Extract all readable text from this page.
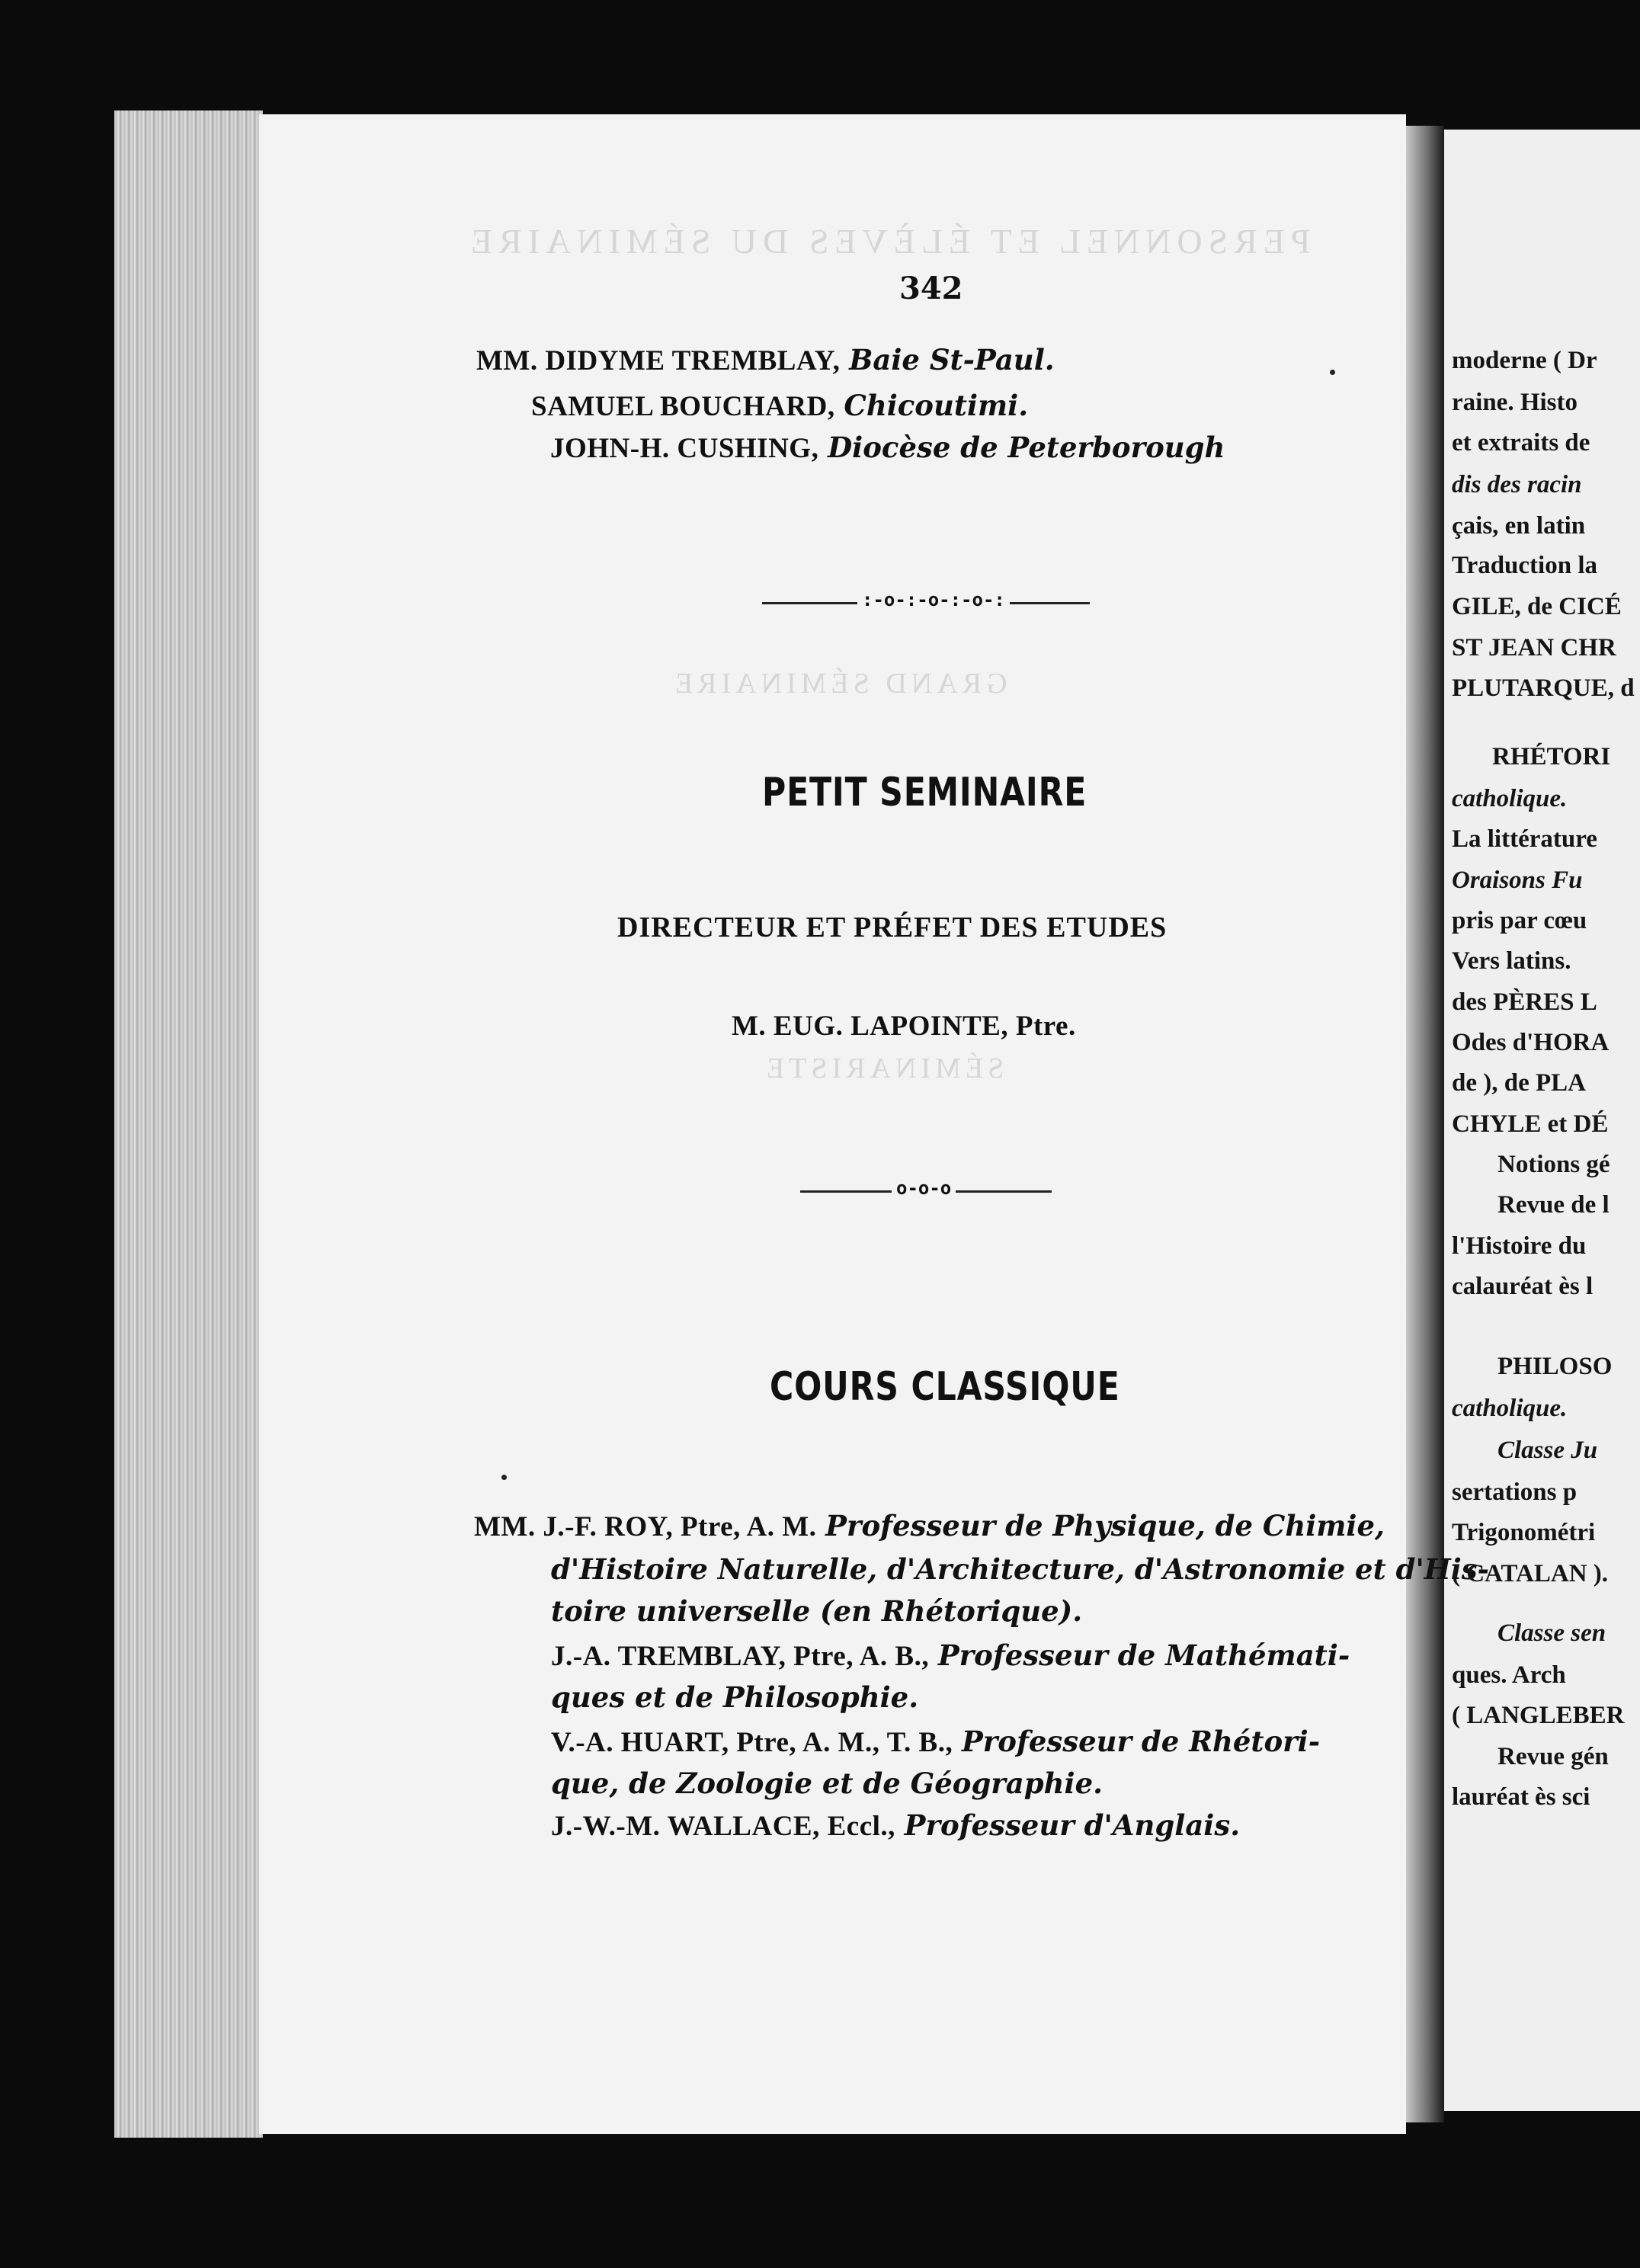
PERSONNEL ET ÉLÈVES DU SÉMINAIRE
GRAND SÉMINAIRE
SÉMINARISTE
342
MM. DIDYME TREMBLAY, Baie St-Paul.
SAMUEL BOUCHARD, Chicoutimi.
JOHN-H. CUSHING, Diocèse de Peterborough
:-o-:-o-:-o-:
PETIT SEMINAIRE
DIRECTEUR ET PRÉFET DES ETUDES
M. EUG. LAPOINTE, Ptre.
o-o-o
COURS CLASSIQUE
MM. J.-F. ROY, Ptre, A. M. Professeur de Physique, de Chimie,
d'Histoire Naturelle, d'Architecture, d'Astronomie et d'His-
toire universelle (en Rhétorique).
J.-A. TREMBLAY, Ptre, A. B., Professeur de Mathémati-
ques et de Philosophie.
V.-A. HUART, Ptre, A. M., T. B., Professeur de Rhétori-
que, de Zoologie et de Géographie.
J.-W.-M. WALLACE, Eccl., Professeur d'Anglais.
moderne ( Dr
raine. Histo
et extraits de
dis des racin
çais, en latin
Traduction la
GILE, de CICÉ
ST JEAN CHR
PLUTARQUE, d
RHÉTORI
catholique.
La littérature
Oraisons Fu
pris par cœu
Vers latins.
des PÈRES L
Odes d'HORA
de ), de PLA
CHYLE et DÉ
Notions gé
Revue de l
l'Histoire du
calauréat ès l
PHILOSO
catholique.
Classe Ju
sertations p
Trigonométri
( CATALAN ).
Classe sen
ques. Arch
( LANGLEBER
Revue gén
lauréat ès sci
